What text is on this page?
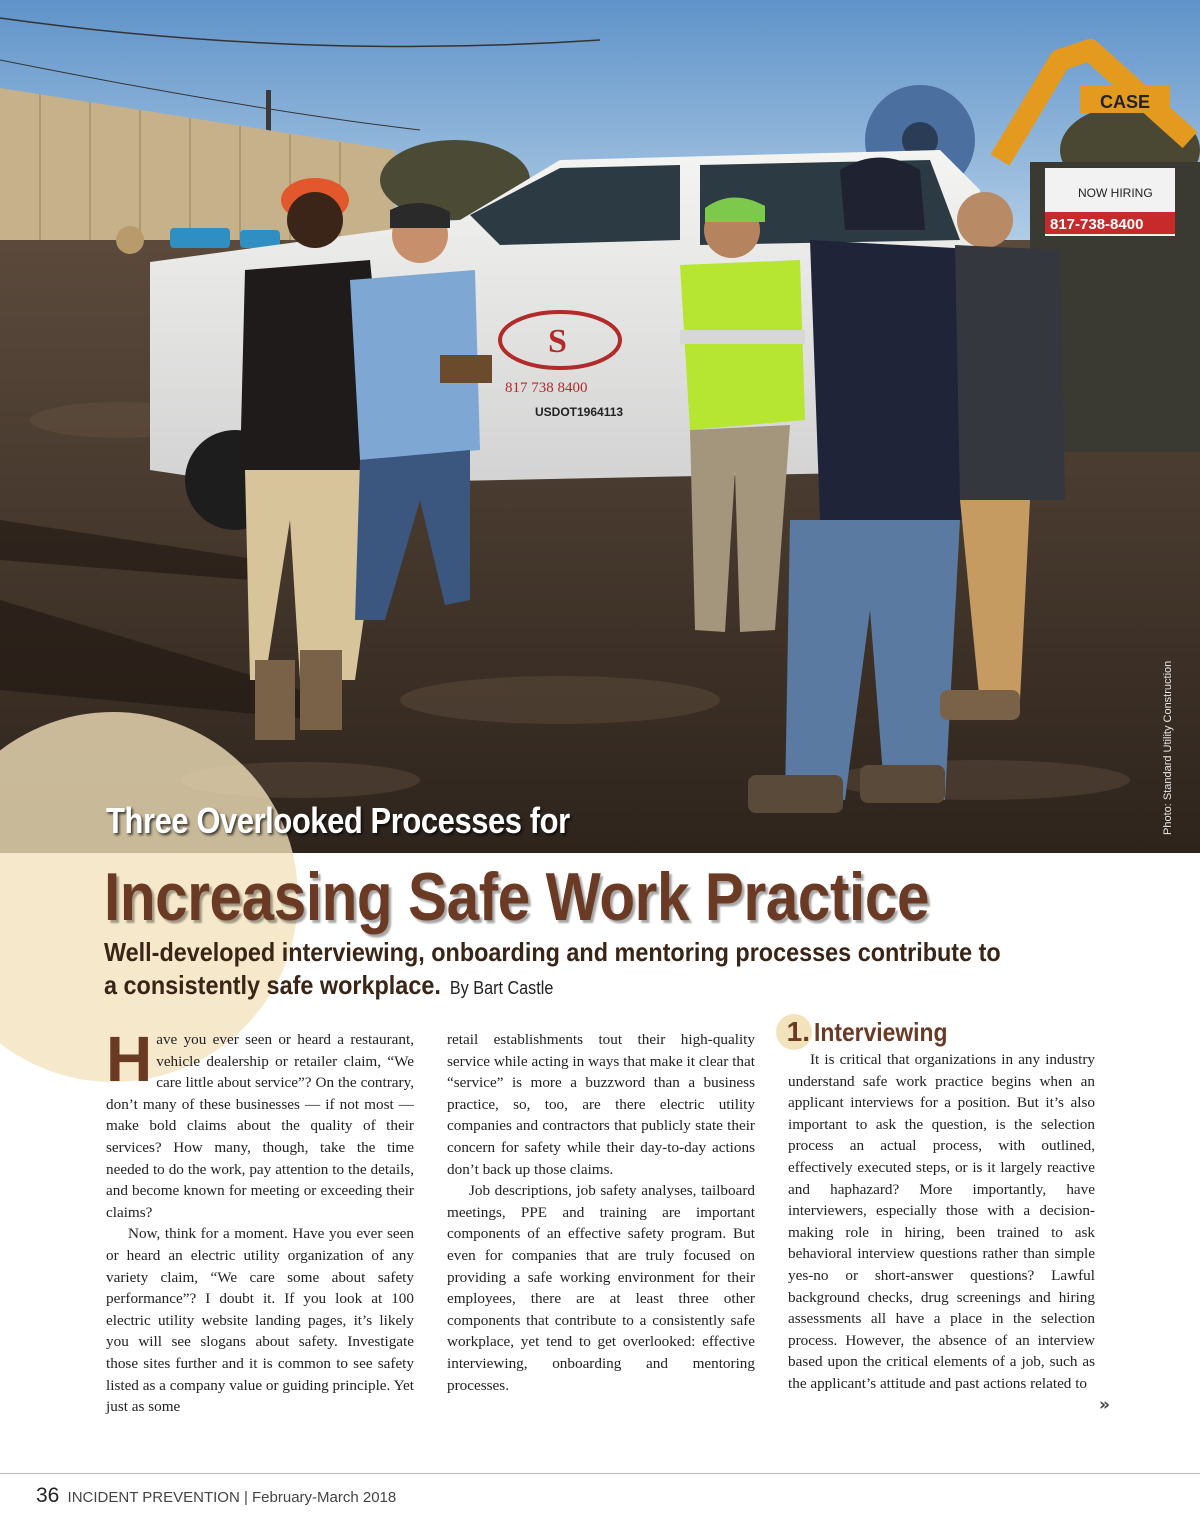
CASE
NOW HIRING
817-738-8400
S
817 738 8400
USDOT1964113
Photo: Standard Utility Construction
Three Overlooked Processes for
Increasing Safe Work Practice
Well-developed interviewing, onboarding and mentoring processes contribute to a consistently safe workplace. By Bart Castle

Have you ever seen or heard a restaurant, vehicle dealership or retailer claim, “We care little about service”? On the contrary, don’t many of these businesses — if not most — make bold claims about the quality of their services? How many, though, take the time needed to do the work, pay attention to the details, and become known for meeting or exceeding their claims?

Now, think for a moment. Have you ever seen or heard an electric utility organization of any variety claim, “We care some about safety performance”? I doubt it. If you look at 100 electric utility website landing pages, it’s likely you will see slogans about safety. Investigate those sites further and it is common to see safety listed as a company value or guiding principle. Yet just as some

retail establishments tout their high-quality service while acting in ways that make it clear that “service” is more a buzzword than a business practice, so, too, are there electric utility companies and contractors that publicly state their concern for safety while their day-to-day actions don’t back up those claims.

Job descriptions, job safety analyses, tailboard meetings, PPE and training are important components of an effective safety program. But even for companies that are truly focused on providing a safe working environment for their employees, there are at least three other components that contribute to a consistently safe workplace, yet tend to get overlooked: effective interviewing, onboarding and mentoring processes.

1. Interviewing

It is critical that organizations in any industry understand safe work practice begins when an applicant interviews for a position. But it’s also important to ask the question, is the selection process an actual process, with outlined, effectively executed steps, or is it largely reactive and haphazard? More importantly, have interviewers, especially those with a decision-making role in hiring, been trained to ask behavioral interview questions rather than simple yes-no or short-answer questions? Lawful background checks, drug screenings and hiring assessments all have a place in the selection process. However, the absence of an interview based upon the critical elements of a job, such as the applicant’s attitude and past actions related to

»
36 INCIDENT PREVENTION | February-March 2018
